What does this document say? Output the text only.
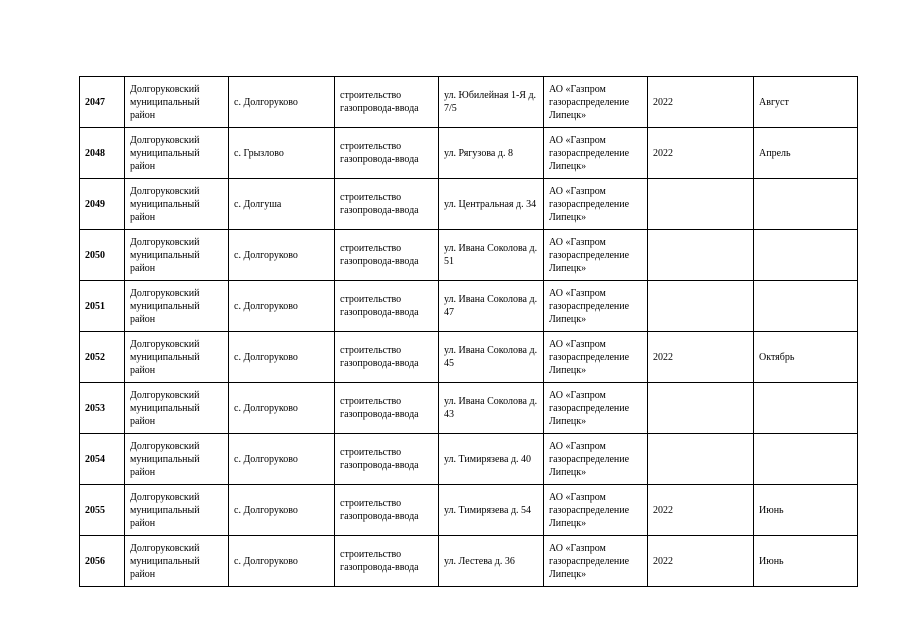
2047	Долгоруковский муниципальный район	с. Долгоруково	строительство газопровода-ввода	ул. Юбилейная 1-Я д. 7/5	АО «Газпром газораспределение Липецк»	2022	Август
2048	Долгоруковский муниципальный район	с. Грызлово	строительство газопровода-ввода	ул. Рягузова д. 8	АО «Газпром газораспределение Липецк»	2022	Апрель
2049	Долгоруковский муниципальный район	с. Долгуша	строительство газопровода-ввода	ул. Центральная д. 34	АО «Газпром газораспределение Липецк»		
2050	Долгоруковский муниципальный район	с. Долгоруково	строительство газопровода-ввода	ул. Ивана Соколова д. 51	АО «Газпром газораспределение Липецк»		
2051	Долгоруковский муниципальный район	с. Долгоруково	строительство газопровода-ввода	ул. Ивана Соколова д. 47	АО «Газпром газораспределение Липецк»		
2052	Долгоруковский муниципальный район	с. Долгоруково	строительство газопровода-ввода	ул. Ивана Соколова д. 45	АО «Газпром газораспределение Липецк»	2022	Октябрь
2053	Долгоруковский муниципальный район	с. Долгоруково	строительство газопровода-ввода	ул. Ивана Соколова д. 43	АО «Газпром газораспределение Липецк»		
2054	Долгоруковский муниципальный район	с. Долгоруково	строительство газопровода-ввода	ул. Тимирязева д. 40	АО «Газпром газораспределение Липецк»		
2055	Долгоруковский муниципальный район	с. Долгоруково	строительство газопровода-ввода	ул. Тимирязева д. 54	АО «Газпром газораспределение Липецк»	2022	Июнь
2056	Долгоруковский муниципальный район	с. Долгоруково	строительство газопровода-ввода	ул. Лестева д. 36	АО «Газпром газораспределение Липецк»	2022	Июнь
